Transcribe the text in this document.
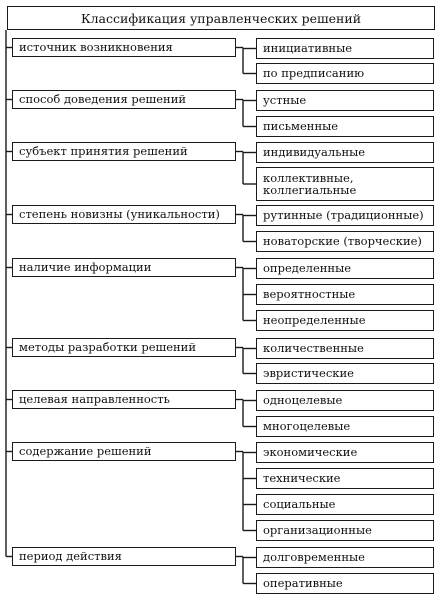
Классификация управленческих решений
источник возникновения	инициативные
по предписанию
способ доведения решений	устные
письменные
субъект принятия решений	индивидуальные
коллективные, коллегиальные
степень новизны (уникальности)	рутинные (традиционные)
новаторские (творческие)
наличие информации	определенные
вероятностные
неопределенные
методы разработки решений	количественные
эвристические
целевая направленность	одноцелевые
многоцелевые
содержание решений	экономические
технические
социальные
организационные
период действия	долговременные
оперативные
